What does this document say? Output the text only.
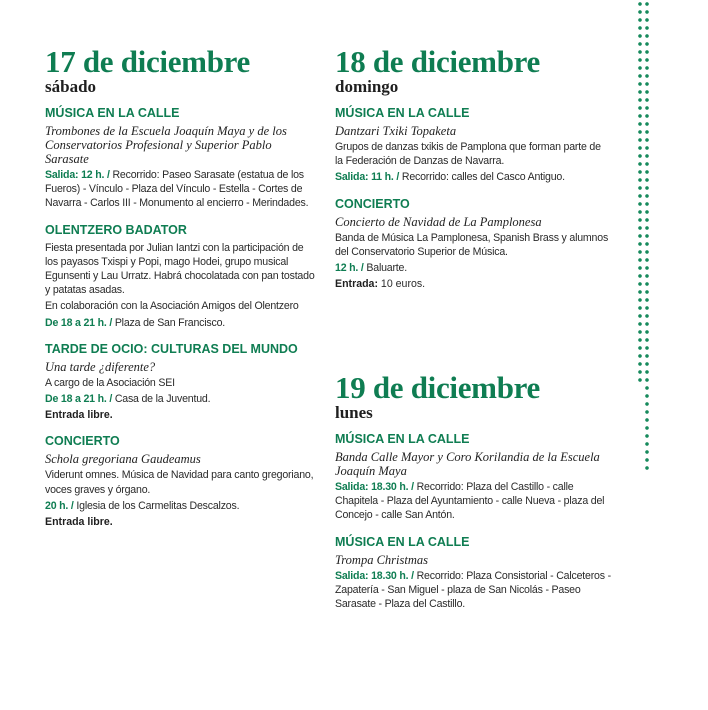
17 de diciembre
sábado
MÚSICA EN LA CALLE
Trombones de la Escuela Joaquín Maya y de los Conservatorios Profesional y Superior Pablo Sarasate
Salida: 12 h. / Recorrido: Paseo Sarasate (estatua de los Fueros) - Vínculo - Plaza del Vínculo - Estella - Cortes de Navarra - Carlos III - Monumento al encierro - Merindades.
OLENTZERO BADATOR
Fiesta presentada por Julian Iantzi con la participación de los payasos Txispi y Popi, mago Hodei, grupo musical Egunsenti y Lau Urratz. Habrá chocolatada con pan tostado y patatas asadas.
En colaboración con la Asociación Amigos del Olentzero
De 18 a 21 h. / Plaza de San Francisco.
TARDE DE OCIO: CULTURAS DEL MUNDO
Una tarde ¿diferente?
A cargo de la Asociación SEI
De 18 a 21 h. / Casa de la Juventud.
Entrada libre.
CONCIERTO
Schola gregoriana Gaudeamus
Viderunt omnes. Música de Navidad para canto gregoriano, voces graves y órgano.
20 h. / Iglesia de los Carmelitas Descalzos.
Entrada libre.
18 de diciembre
domingo
MÚSICA EN LA CALLE
Dantzari Txiki Topaketa
Grupos de danzas txikis de Pamplona que forman parte de la Federación de Danzas de Navarra.
Salida: 11 h. / Recorrido: calles del Casco Antiguo.
CONCIERTO
Concierto de Navidad de La Pamplonesa
Banda de Música La Pamplonesa, Spanish Brass y alumnos del Conservatorio Superior de Música.
12 h. / Baluarte.
Entrada: 10 euros.
19 de diciembre
lunes
MÚSICA EN LA CALLE
Banda Calle Mayor y Coro Korilandia de la Escuela Joaquín Maya
Salida: 18.30 h. / Recorrido: Plaza del Castillo - calle Chapitela - Plaza del Ayuntamiento - calle Nueva - plaza del Concejo - calle San Antón.
MÚSICA EN LA CALLE
Trompa Christmas
Salida: 18.30 h. / Recorrido: Plaza Consistorial - Calceteros - Zapatería - San Miguel - plaza de San Nicolás - Paseo Sarasate - Plaza del Castillo.
